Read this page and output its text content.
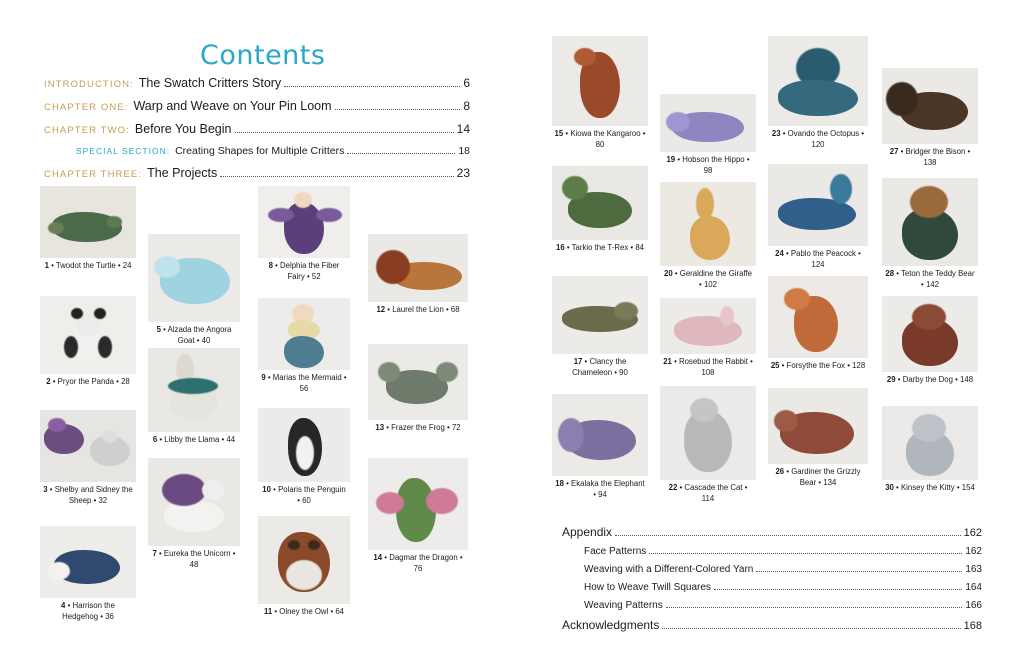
Contents
INTRODUCTION: The Swatch Critters Story	6
CHAPTER ONE: Warp and Weave on Your Pin Loom	8
CHAPTER TWO: Before You Begin	14
SPECIAL SECTION: Creating Shapes for Multiple Critters	18
CHAPTER THREE: The Projects	23
1 • Twodot the Turtle • 24
2 • Pryor the Panda • 28
3 • Shelby and Sidney the Sheep • 32
4 • Harrison the Hedgehog • 36
5 • Alzada the Angora Goat • 40
6 • Libby the Llama • 44
7 • Eureka the Unicorn • 48
8 • Delphia the Fiber Fairy • 52
9 • Marias the Mermaid • 56
10 • Polaris the Penguin • 60
11 • Olney the Owl • 64
12 • Laurel the Lion • 68
13 • Frazer the Frog • 72
14 • Dagmar the Dragon • 76
15 • Kiowa the Kangaroo • 80
16 • Tarkio the T-Rex • 84
17 • Clancy the Chameleon • 90
18 • Ekalaka the Elephant • 94
19 • Hobson the Hippo • 98
20 • Geraldine the Giraffe • 102
21 • Rosebud the Rabbit • 108
22 • Cascade the Cat • 114
23 • Ovando the Octopus • 120
24 • Pablo the Peacock • 124
25 • Forsythe the Fox • 128
26 • Gardiner the Grizzly Bear • 134
27 • Bridger the Bison • 138
28 • Teton the Teddy Bear • 142
29 • Darby the Dog • 148
30 • Kinsey the Kitty • 154
Appendix	162
Face Patterns	162
Weaving with a Different-Colored Yarn	163
How to Weave Twill Squares	164
Weaving Patterns	166
Acknowledgments	168
